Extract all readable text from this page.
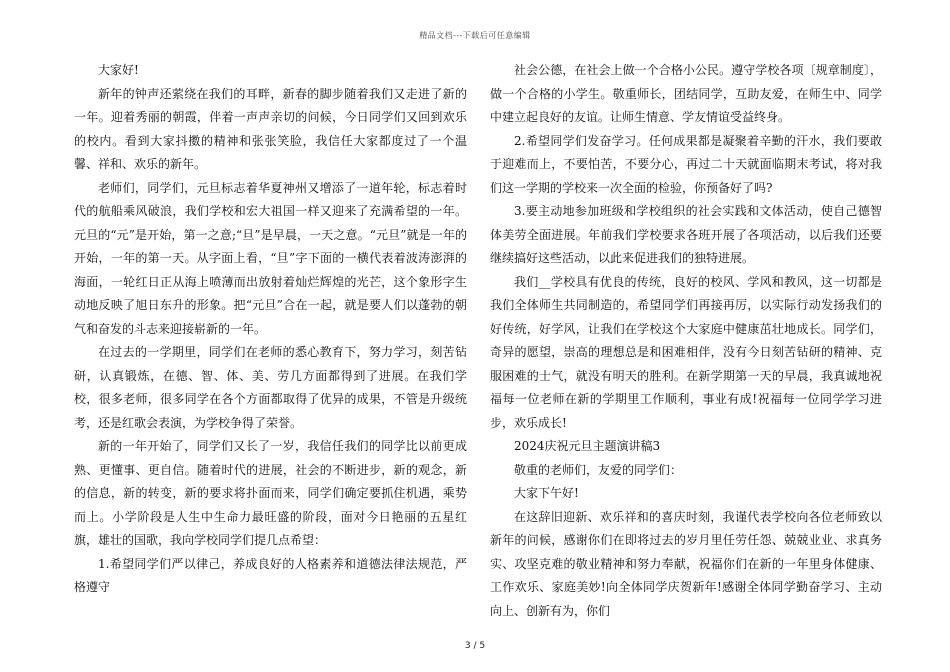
精品文档---下载后可任意编辑

大家好!

新年的钟声还萦绕在我们的耳畔，新春的脚步随着我们又走进了新的一年。迎着秀丽的朝霞，伴着一声声亲切的问候，今日同学们又回到欢乐的校内。看到大家抖擞的精神和张张笑脸，我信任大家都度过了一个温馨、祥和、欢乐的新年。

老师们，同学们，元旦标志着华夏神州又增添了一道年轮，标志着时代的航船乘风破浪，我们学校和宏大祖国一样又迎来了充满希望的一年。元旦的“元”是开始，第一之意;“旦”是早晨，一天之意。“元旦”就是一年的开始，一年的第一天。从字面上看，“旦”字下面的一横代表着波涛澎湃的海面，一轮红日正从海上喷薄而出放射着灿烂辉煌的光芒，这个象形字生动地反映了旭日东升的形象。把“元旦”合在一起，就是要人们以蓬勃的朝气和奋发的斗志来迎接崭新的一年。

在过去的一学期里，同学们在老师的悉心教育下，努力学习，刻苦钻研，认真锻炼，在德、智、体、美、劳几方面都得到了进展。在我们学校，很多老师，很多同学在各个方面都取得了优异的成果，不管是升级统考，还是红歌会表演，为学校争得了荣誉。

新的一年开始了，同学们又长了一岁，我信任我们的同学比以前更成熟、更懂事、更自信。随着时代的进展，社会的不断进步，新的观念，新的信息，新的转变，新的要求将扑面而来，同学们确定要抓住机遇，乘势而上。小学阶段是人生中生命力最旺盛的阶段，面对今日艳丽的五星红旗，雄壮的国歌，我向学校同学们提几点希望：

1.希望同学们严以律己，养成良好的人格素养和道德法律法规范，严格遵守

社会公德，在社会上做一个合格小公民。遵守学校各项〔规章制度〕，做一个合格的小学生。敬重师长，团结同学，互助友爱，在师生中、同学中建立起良好的友谊。让师生情意、学友情谊受益终身。

2.希望同学们发奋学习。任何成果都是凝聚着辛勤的汗水，我们要敢于迎难而上，不要怕苦，不要分心，再过二十天就面临期末考试，将对我们这一学期的学校来一次全面的检验，你预备好了吗?

3.要主动地参加班级和学校组织的社会实践和文体活动，使自己德智体美劳全面进展。年前我们学校要求各班开展了各项活动，以后我们还要继续搞好这些活动，以此来促进我们的独特进展。

我们__学校具有优良的传统，良好的校风、学风和教风，这一切都是我们全体师生共同制造的，希望同学们再接再厉，以实际行动发扬我们的好传统，好学风，让我们在学校这个大家庭中健康茁壮地成长。同学们，奇异的愿望，崇高的理想总是和困难相伴，没有今日刻苦钻研的精神、克服困难的士气，就没有明天的胜利。在新学期第一天的早晨，我真诚地祝福每一位老师在新的学期里工作顺利，事业有成!祝福每一位同学学习进步，欢乐成长!

2024庆祝元旦主题演讲稿3

敬重的老师们，友爱的同学们：

大家下午好!

在这辞旧迎新、欢乐祥和的喜庆时刻，我谨代表学校向各位老师致以新年的问候，感谢你们在即将过去的岁月里任劳任怨、兢兢业业、求真务实、攻坚克难的敬业精神和努力奉献，祝福你们在新的一年里身体健康、工作欢乐、家庭美妙!向全体同学庆贺新年!感谢全体同学勤奋学习、主动向上、创新有为，你们

3 / 5
